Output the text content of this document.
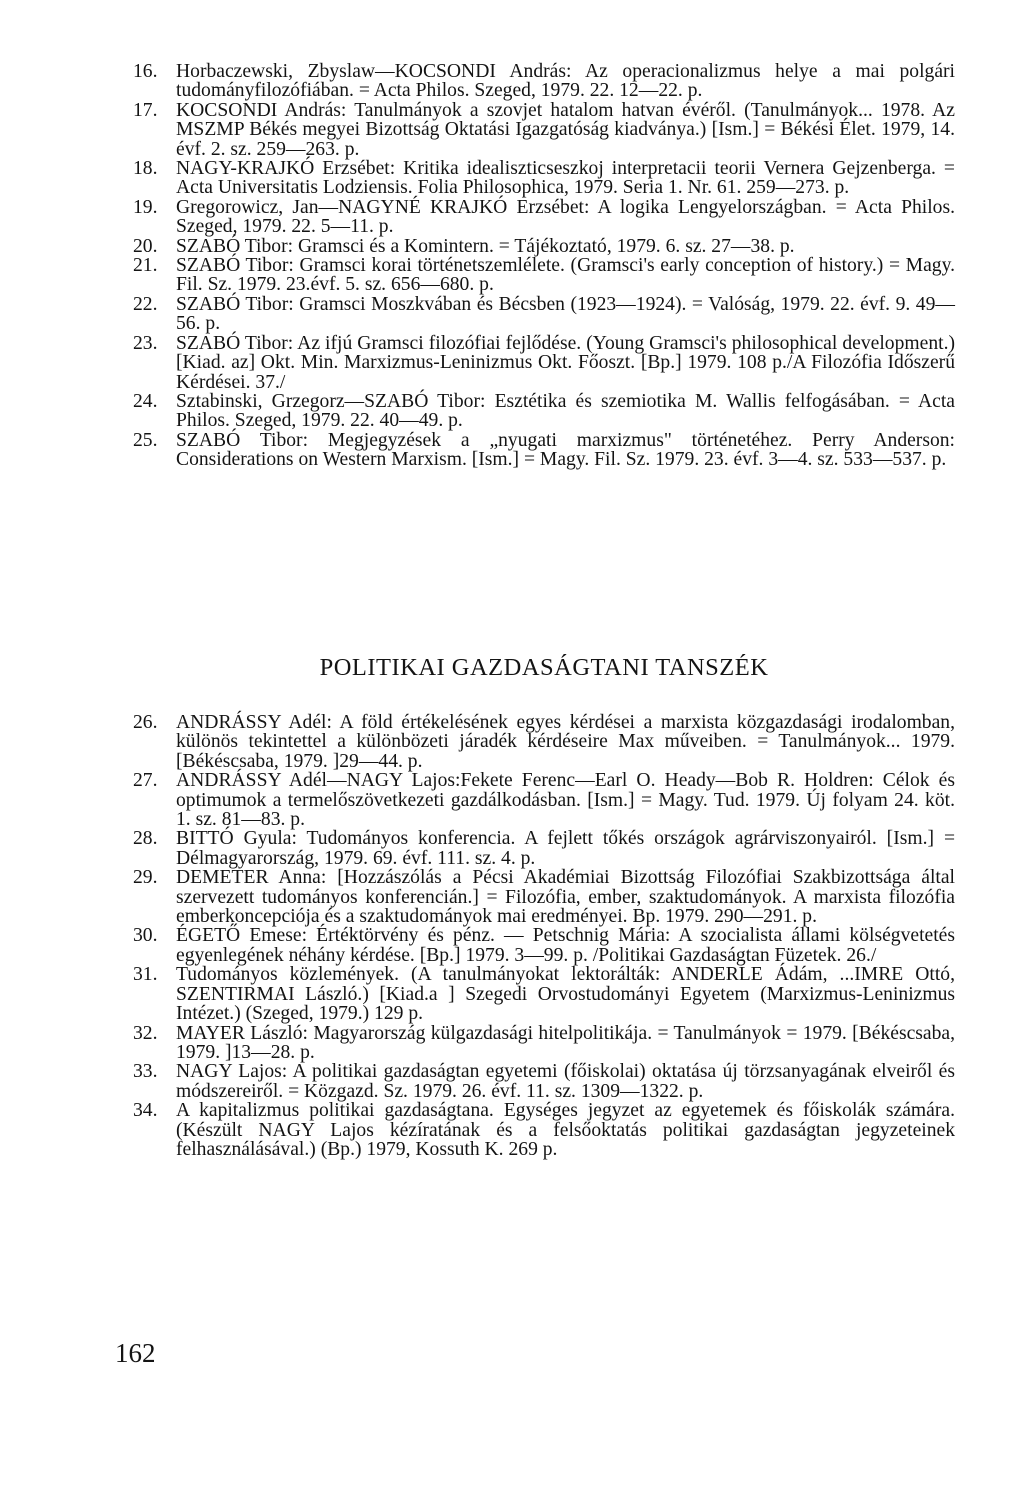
16. Horbaczewski, Zbyslaw—KOCSONDI András: Az operacionalizmus helye a mai polgári tudományfilozófiában. = Acta Philos. Szeged, 1979. 22. 12—22. p.
17. KOCSONDI András: Tanulmányok a szovjet hatalom hatvan évéről. (Tanulmányok... 1978. Az MSZMP Békés megyei Bizottság Oktatási Igazgatóság kiadványa.) [Ism.] = Békési Élet. 1979, 14. évf. 2. sz. 259—263. p.
18. NAGY-KRAJKÓ Erzsébet: Kritika idealiszticseszkoj interpretacii teorii Vernera Gejzenberga. = Acta Universitatis Lodziensis. Folia Philosophica, 1979. Seria 1. Nr. 61. 259—273. p.
19. Gregorowicz, Jan—NAGYNÉ KRAJKÓ Erzsébet: A logika Lengyelországban. = Acta Philos. Szeged, 1979. 22. 5—11. p.
20. SZABÓ Tibor: Gramsci és a Komintern. = Tájékoztató, 1979. 6. sz. 27—38. p.
21. SZABÓ Tibor: Gramsci korai történetszemlélete. (Gramsci's early conception of history.) = Magy. Fil. Sz. 1979. 23.évf. 5. sz. 656—680. p.
22. SZABÓ Tibor: Gramsci Moszkvában és Bécsben (1923—1924). = Valóság, 1979. 22. évf. 9. 49—56. p.
23. SZABÓ Tibor: Az ifjú Gramsci filozófiai fejlődése. (Young Gramsci's philosophical development.) [Kiad. az] Okt. Min. Marxizmus-Leninizmus Okt. Főoszt. [Bp.] 1979. 108 p./A Filozófia Időszerű Kérdései. 37./
24. Sztabinski, Grzegorz—SZABÓ Tibor: Esztétika és szemiotika M. Wallis felfogásában. = Acta Philos. Szeged, 1979. 22. 40—49. p.
25. SZABÓ Tibor: Megjegyzések a „nyugati marxizmus" történetéhez. Perry Anderson: Considerations on Western Marxism. [Ism.] = Magy. Fil. Sz. 1979. 23. évf. 3—4. sz. 533—537. p.
POLITIKAI GAZDASÁGTANI TANSZÉK
26. ANDRÁSSY Adél: A föld értékelésének egyes kérdései a marxista közgazdasági irodalomban, különös tekintettel a különbözeti járadék kérdéseire Max műveiben. = Tanulmányok... 1979. [Békéscsaba, 1979. ]29—44. p.
27. ANDRÁSSY Adél—NAGY Lajos:Fekete Ferenc—Earl O. Heady—Bob R. Holdren: Célok és optimumok a termelőszövetkezeti gazdálkodásban. [Ism.] = Magy. Tud. 1979. Új folyam 24. köt. 1. sz. 81—83. p.
28. BITTÓ Gyula: Tudományos konferencia. A fejlett tőkés országok agrárviszonyairól. [Ism.] = Délmagyarország, 1979. 69. évf. 111. sz. 4. p.
29. DEMETER Anna: [Hozzászólás a Pécsi Akadémiai Bizottság Filozófiai Szakbizottsága által szervezett tudományos konferencián.] = Filozófia, ember, szaktudományok. A marxista filozófia emberkoncepciója és a szaktudományok mai eredményei. Bp. 1979. 290—291. p.
30. ÉGETŐ Emese: Értéktörvény és pénz. — Petschnig Mária: A szocialista állami kölségvetetés egyenlegének néhány kérdése. [Bp.] 1979. 3—99. p. /Politikai Gazdaságtan Füzetek. 26./
31. Tudományos közlemények. (A tanulmányokat lektorálták: ANDERLE Ádám, ...IMRE Ottó, SZENTIRMAI László.) [Kiad.a ] Szegedi Orvostudományi Egyetem (Marxizmus-Leninizmus Intézet.) (Szeged, 1979.) 129 p.
32. MAYER László: Magyarország külgazdasági hitelpolitikája. = Tanulmányok = 1979. [Békéscsaba, 1979. ]13—28. p.
33. NAGY Lajos: A politikai gazdaságtan egyetemi (főiskolai) oktatása új törzsanyagának elveiről és módszereiről. = Közgazd. Sz. 1979. 26. évf. 11. sz. 1309—1322. p.
34. A kapitalizmus politikai gazdaságtana. Egységes jegyzet az egyetemek és főiskolák számára. (Készült NAGY Lajos kézíratának és a felsőoktatás politikai gazdaságtan jegyzeteinek felhasználásával.) (Bp.) 1979, Kossuth K. 269 p.
162
